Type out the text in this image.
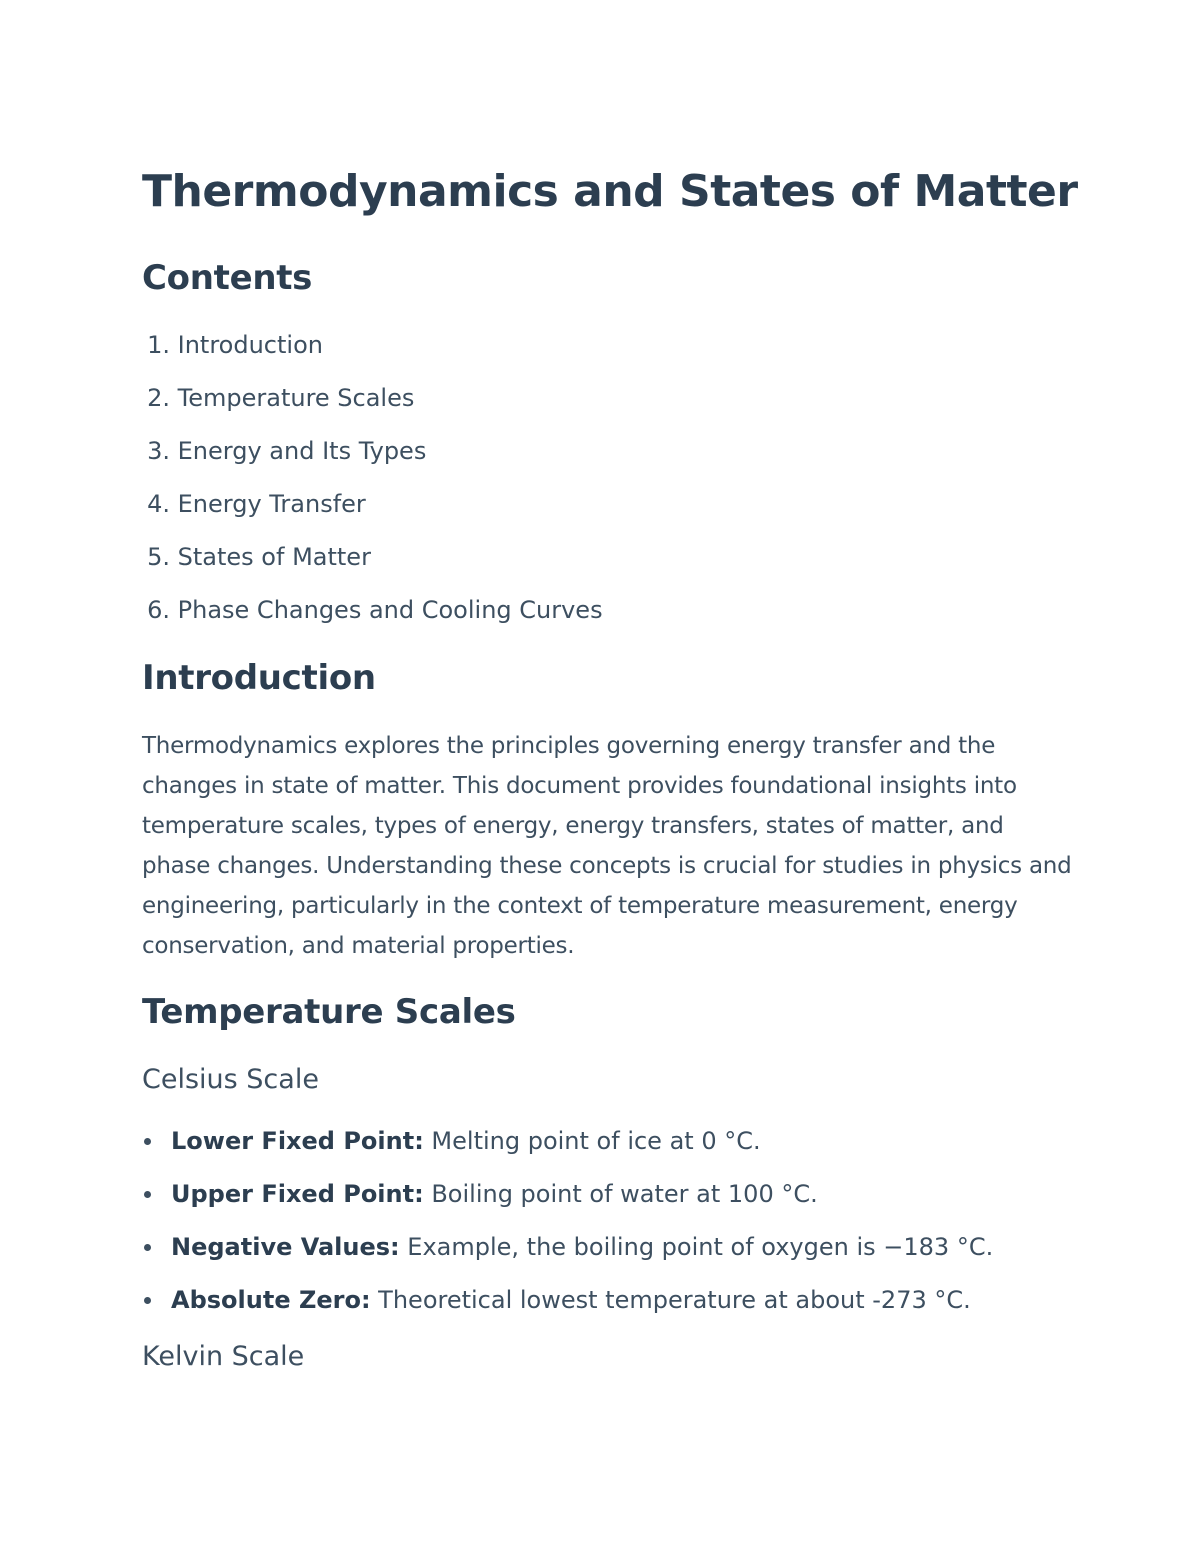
Thermodynamics and States of Matter
Contents
1. Introduction
2. Temperature Scales
3. Energy and Its Types
4. Energy Transfer
5. States of Matter
6. Phase Changes and Cooling Curves
Introduction

Thermodynamics explores the principles governing energy transfer and the changes in state of matter. This document provides foundational insights into temperature scales, types of energy, energy transfers, states of matter, and phase changes. Understanding these concepts is crucial for studies in physics and engineering, particularly in the context of temperature measurement, energy conservation, and material properties.

Temperature Scales
Celsius Scale
Lower Fixed Point: Melting point of ice at 0 °C.
Upper Fixed Point: Boiling point of water at 100 °C.
Negative Values: Example, the boiling point of oxygen is −183 °C.
Absolute Zero: Theoretical lowest temperature at about -273 °C.
Kelvin Scale
